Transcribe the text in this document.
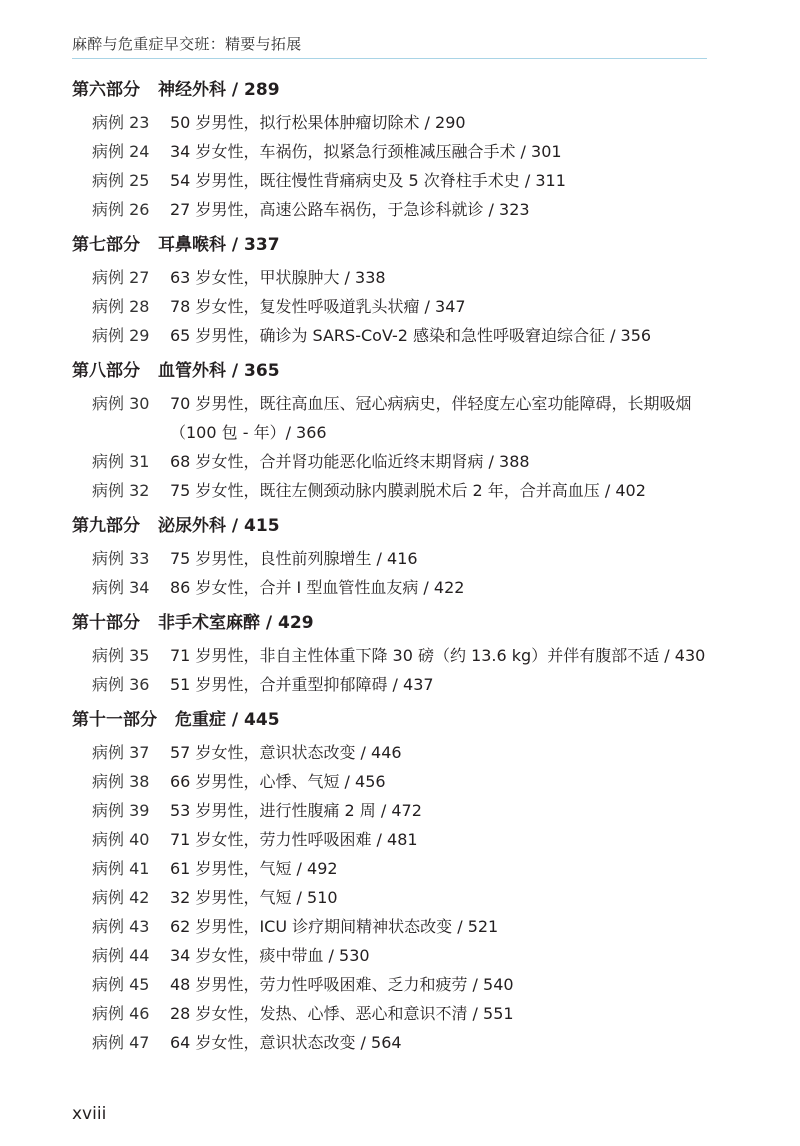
麻醉与危重症早交班：精要与拓展
第六部分 神经外科 / 289
病例 23	50 岁男性，拟行松果体肿瘤切除术 / 290
病例 24	34 岁女性，车祸伤，拟紧急行颈椎减压融合手术 / 301
病例 25	54 岁男性，既往慢性背痛病史及 5 次脊柱手术史 / 311
病例 26	27 岁男性，高速公路车祸伤，于急诊科就诊 / 323
第七部分 耳鼻喉科 / 337
病例 27	63 岁女性，甲状腺肿大 / 338
病例 28	78 岁女性，复发性呼吸道乳头状瘤 / 347
病例 29	65 岁男性，确诊为 SARS-CoV-2 感染和急性呼吸窘迫综合征 / 356
第八部分 血管外科 / 365
病例 30	70 岁男性，既往高血压、冠心病病史，伴轻度左心室功能障碍，长期吸烟（100 包 - 年）/ 366
病例 31	68 岁女性，合并肾功能恶化临近终末期肾病 / 388
病例 32	75 岁女性，既往左侧颈动脉内膜剥脱术后 2 年，合并高血压 / 402
第九部分 泌尿外科 / 415
病例 33	75 岁男性，良性前列腺增生 / 416
病例 34	86 岁女性，合并 I 型血管性血友病 / 422
第十部分 非手术室麻醉 / 429
病例 35	71 岁男性，非自主性体重下降 30 磅（约 13.6 kg）并伴有腹部不适 / 430
病例 36	51 岁男性，合并重型抑郁障碍 / 437
第十一部分 危重症 / 445
病例 37	57 岁女性，意识状态改变 / 446
病例 38	66 岁男性，心悸、气短 / 456
病例 39	53 岁男性，进行性腹痛 2 周 / 472
病例 40	71 岁女性，劳力性呼吸困难 / 481
病例 41	61 岁男性，气短 / 492
病例 42	32 岁男性，气短 / 510
病例 43	62 岁男性，ICU 诊疗期间精神状态改变 / 521
病例 44	34 岁女性，痰中带血 / 530
病例 45	48 岁男性，劳力性呼吸困难、乏力和疲劳 / 540
病例 46	28 岁女性，发热、心悸、恶心和意识不清 / 551
病例 47	64 岁女性，意识状态改变 / 564
xviii
